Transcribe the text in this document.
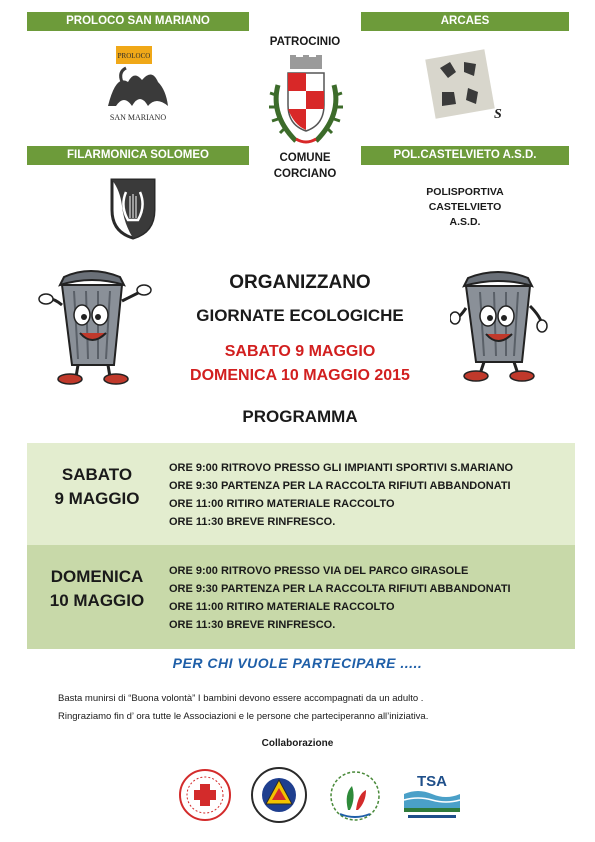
PROLOCO SAN MARIANO	ARCAES
FILARMONICA SOLOMEO	POL.CASTELVIETO A.S.D.
PATROCINIO
COMUNE
CORCIANO
POLISPORTIVA
CASTELVIETO
A.S.D.
PROLOCO
SAN MARIANO	S
ORGANIZZANO
GIORNATE ECOLOGICHE
SABATO 9 MAGGIO
DOMENICA 10 MAGGIO 2015
PROGRAMMA
SABATO
9 MAGGIO
ORE 9:00 RITROVO PRESSO GLI IMPIANTI SPORTIVI S.MARIANO
ORE 9:30 PARTENZA PER LA RACCOLTA RIFIUTI ABBANDONATI
ORE 11:00 RITIRO MATERIALE RACCOLTO
ORE 11:30 BREVE RINFRESCO.
DOMENICA
10 MAGGIO
ORE 9:00 RITROVO PRESSO VIA DEL PARCO GIRASOLE
ORE 9:30 PARTENZA PER LA RACCOLTA RIFIUTI ABBANDONATI
ORE 11:00 RITIRO MATERIALE RACCOLTO
ORE 11:30 BREVE RINFRESCO.
PER CHI VUOLE PARTECIPARE .....
Basta munirsi di “Buona volontà” I bambini devono essere accompagnati da un adulto .
Ringraziamo fin d’ ora tutte le Associazioni e le persone che parteciperanno all’iniziativa.
Collaborazione
TSA
